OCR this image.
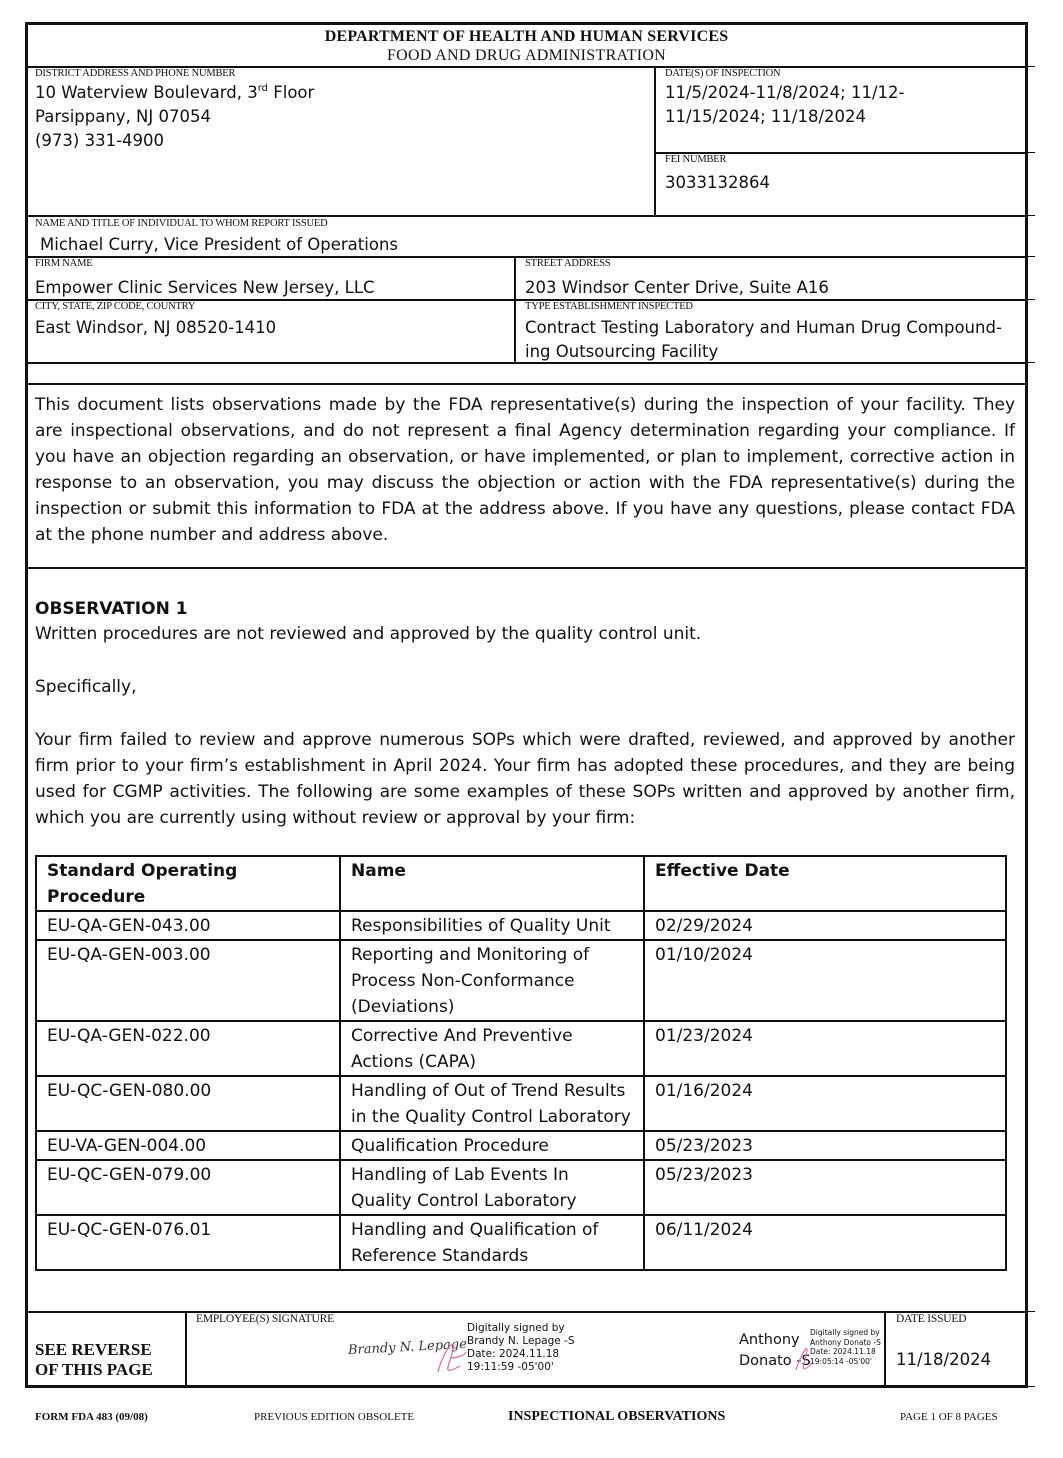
DEPARTMENT OF HEALTH AND HUMAN SERVICES
FOOD AND DRUG ADMINISTRATION
DISTRICT ADDRESS AND PHONE NUMBER
10 Waterview Boulevard, 3rd Floor
Parsippany, NJ 07054
(973) 331-4900
DATE(S) OF INSPECTION
11/5/2024-11/8/2024; 11/12-
11/15/2024; 11/18/2024
FEI NUMBER
3033132864
NAME AND TITLE OF INDIVIDUAL TO WHOM REPORT ISSUED
Michael Curry, Vice President of Operations
FIRM NAME
Empower Clinic Services New Jersey, LLC
STREET ADDRESS
203 Windsor Center Drive, Suite A16
CITY, STATE, ZIP CODE, COUNTRY
East Windsor, NJ 08520-1410
TYPE ESTABLISHMENT INSPECTED
Contract Testing Laboratory and Human Drug Compound-
ing Outsourcing Facility
This document lists observations made by the FDA representative(s) during the inspection of your facility. They are inspectional observations, and do not represent a final Agency determination regarding your compliance. If you have an objection regarding an observation, or have implemented, or plan to implement, corrective action in response to an observation, you may discuss the objection or action with the FDA representative(s) during the inspection or submit this information to FDA at the address above. If you have any questions, please contact FDA at the phone number and address above.
OBSERVATION 1
Written procedures are not reviewed and approved by the quality control unit.
Specifically,
Your firm failed to review and approve numerous SOPs which were drafted, reviewed, and approved by another firm prior to your firm’s establishment in April 2024. Your firm has adopted these procedures, and they are being used for CGMP activities. The following are some examples of these SOPs written and approved by another firm, which you are currently using without review or approval by your firm:
Standard Operating Procedure	Name	Effective Date
EU-QA-GEN-043.00	Responsibilities of Quality Unit	02/29/2024
EU-QA-GEN-003.00	Reporting and Monitoring of Process Non-Conformance (Deviations)	01/10/2024
EU-QA-GEN-022.00	Corrective And Preventive Actions (CAPA)	01/23/2024
EU-QC-GEN-080.00	Handling of Out of Trend Results in the Quality Control Laboratory	01/16/2024
EU-VA-GEN-004.00	Qualification Procedure	05/23/2023
EU-QC-GEN-079.00	Handling of Lab Events In Quality Control Laboratory	05/23/2023
EU-QC-GEN-076.01	Handling and Qualification of Reference Standards	06/11/2024
SEE REVERSE
OF THIS PAGE
EMPLOYEE(S) SIGNATURE
Brandy N. Lepage
Digitally signed by
Brandy N. Lepage -S
Date: 2024.11.18
19:11:59 -05'00'
Anthony
Donato -S
Digitally signed by
Anthony Donato -S
Date: 2024.11.18
19:05:14 -05'00'
DATE ISSUED
11/18/2024
FORM FDA 483 (09/08)	PREVIOUS EDITION OBSOLETE	INSPECTIONAL OBSERVATIONS	PAGE 1 OF 8 PAGES
